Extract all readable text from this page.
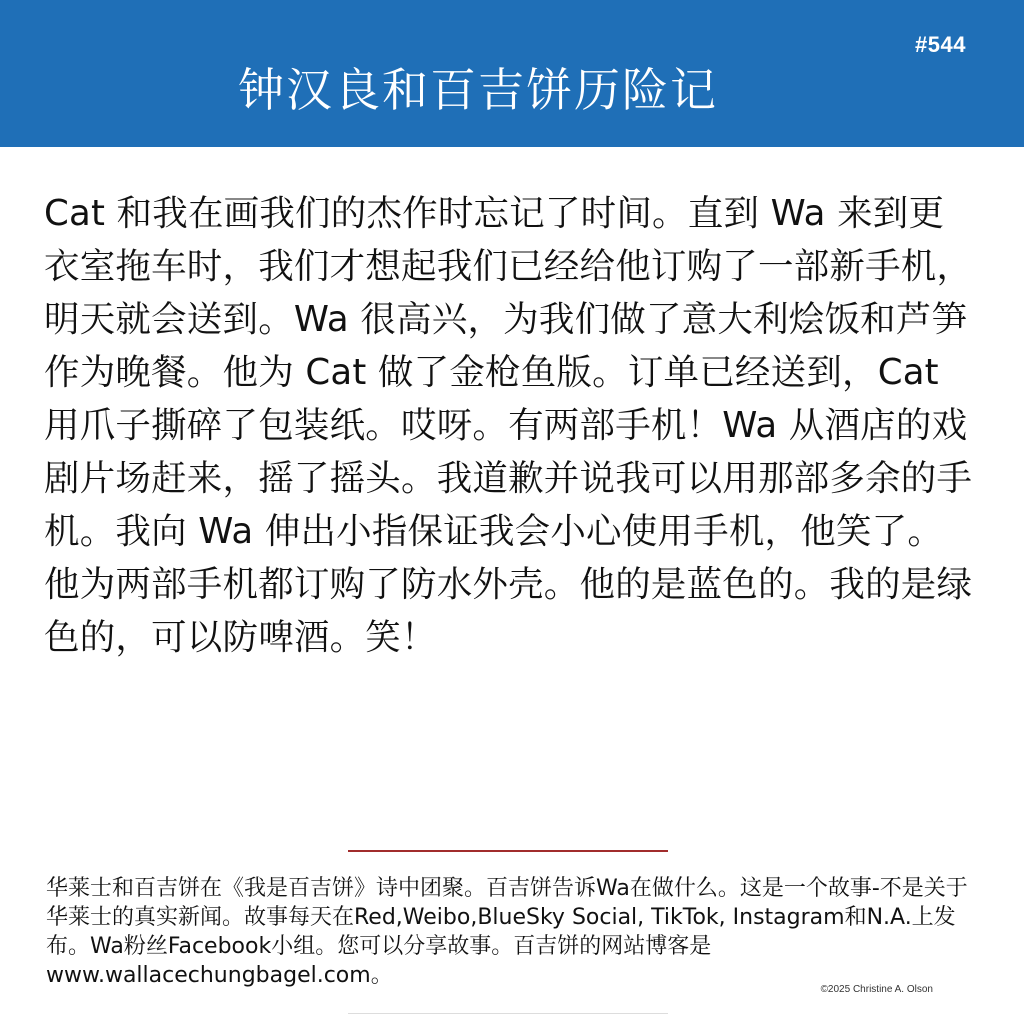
#544
钟汉良和百吉饼历险记

Cat 和我在画我们的杰作时忘记了时间。直到 Wa 来到更衣室拖车时，我们才想起我们已经给他订购了一部新手机，明天就会送到。Wa 很高兴，为我们做了意大利烩饭和芦笋作为晚餐。他为 Cat 做了金枪鱼版。订单已经送到，Cat 用爪子撕碎了包装纸。哎呀。有两部手机！Wa 从酒店的戏剧片场赶来，摇了摇头。我道歉并说我可以用那部多余的手机。我向 Wa 伸出小指保证我会小心使用手机，他笑了。他为两部手机都订购了防水外壳。他的是蓝色的。我的是绿色的，可以防啤酒。笑！

华莱士和百吉饼在《我是百吉饼》诗中团聚。百吉饼告诉Wa在做什么。这是一个故事-不是关于华莱士的真实新闻。故事每天在Red,Weibo,BlueSky Social, TikTok, Instagram和N.A.上发布。Wa粉丝Facebook小组。您可以分享故事。百吉饼的网站博客是www.wallacechungbagel.com。

©2025 Christine A. Olson
